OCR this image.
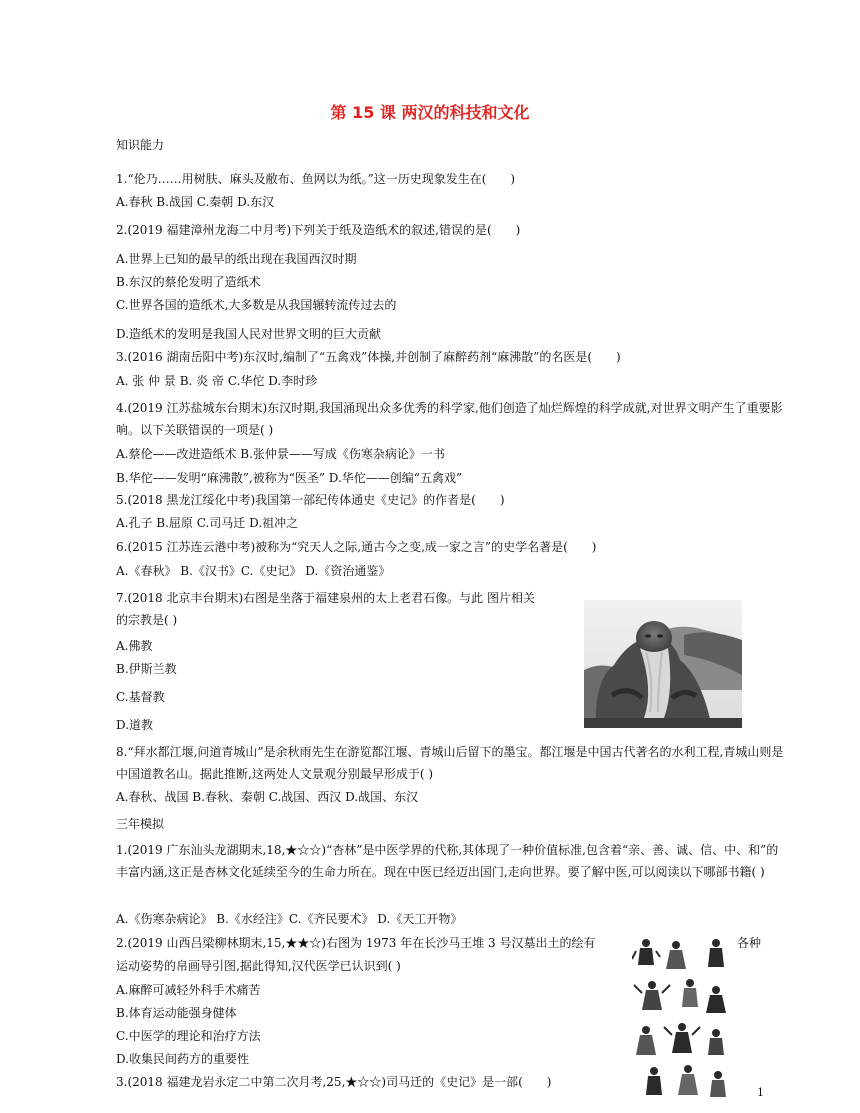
第 15 课 两汉的科技和文化
知识能力
1.“伦乃……用树肤、麻头及敝布、鱼网以为纸。”这一历史现象发生在(　　)
A.春秋 B.战国 C.秦朝 D.东汉
2.(2019 福建漳州龙海二中月考)下列关于纸及造纸术的叙述,错误的是(　　)
A.世界上已知的最早的纸出现在我国西汉时期
B.东汉的蔡伦发明了造纸术
C.世界各国的造纸术,大多数是从我国辗转流传过去的
D.造纸术的发明是我国人民对世界文明的巨大贡献
3.(2016 湖南岳阳中考)东汉时,编制了“五禽戏”体操,并创制了麻醉药剂“麻沸散”的名医是(　　)
A. 张 仲 景 B. 炎 帝 C.华佗 D.李时珍
4.(2019 江苏盐城东台期末)东汉时期,我国涌现出众多优秀的科学家,他们创造了灿烂辉煌的科学成就,对世界文明产生了重要影响。以下关联错误的一项是( )
A.蔡伦——改进造纸术 B.张仲景——写成《伤寒杂病论》一书
B.华佗——发明“麻沸散”,被称为“医圣” D.华佗——创编“五禽戏”
5.(2018 黑龙江绥化中考)我国第一部纪传体通史《史记》的作者是(　　)
A.孔子 B.屈原 C.司马迁 D.祖冲之
6.(2015 江苏连云港中考)被称为“究天人之际,通古今之变,成一家之言”的史学名著是(　　)
A.《春秋》 B.《汉书》C.《史记》 D.《资治通鉴》
7.(2018 北京丰台期末)右图是坐落于福建泉州的太上老君石像。与此 图片相关
的宗教是( )
A.佛教
B.伊斯兰教
C.基督教
D.道教
8.“拜水都江堰,问道青城山”是余秋雨先生在游览都江堰、青城山后留下的墨宝。都江堰是中国古代著名的水利工程,青城山则是中国道教名山。据此推断,这两处人文景观分别最早形成于( )
A.春秋、战国 B.春秋、秦朝 C.战国、西汉 D.战国、东汉
三年模拟
1.(2019 广东汕头龙湖期末,18,★☆☆)“杏林”是中医学界的代称,其体现了一种价值标准,包含着“亲、善、诚、信、中、和”的丰富内涵,这正是杏林文化延续至今的生命力所在。现在中医已经迈出国门,走向世界。要了解中医,可以阅读以下哪部书籍( )
A.《伤寒杂病论》 B.《水经注》C.《齐民要术》 D.《天工开物》
2.(2019 山西吕梁柳林期末,15,★★☆)右图为 1973 年在长沙马王堆 3 号汉墓出土的绘有	各种
运动姿势的帛画导引图,据此得知,汉代医学已认识到( )
A.麻醉可减轻外科手术痛苦
B.体育运动能强身健体
C.中医学的理论和治疗方法
D.收集民间药方的重要性
3.(2018 福建龙岩永定二中第二次月考,25,★☆☆)司马迁的《史记》是一部(　　)
1
